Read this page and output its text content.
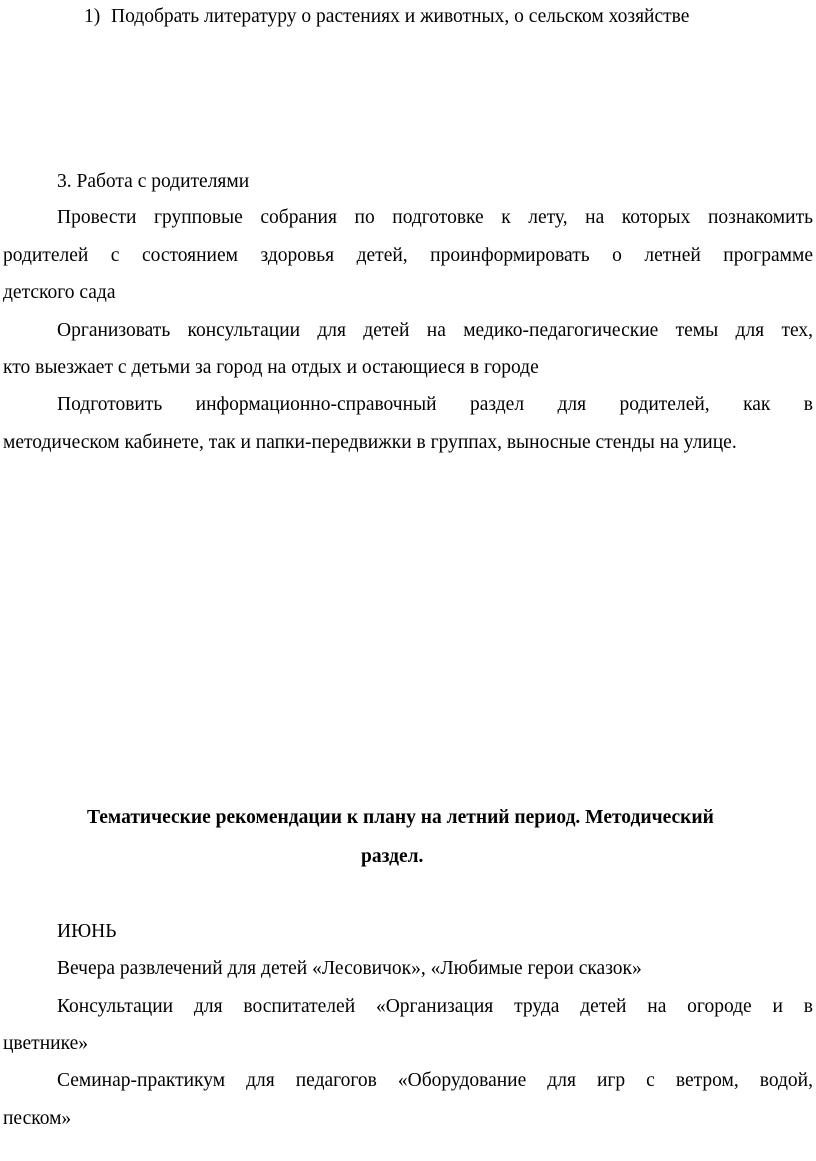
1) Подобрать литературу о растениях и животных, о сельском хозяйстве
3. Работа с родителями
Провести групповые собрания по подготовке к лету, на которых познакомить
родителей с состоянием здоровья детей, проинформировать о летней программе
детского сада
Организовать консультации для детей на медико-педагогические темы для тех,
кто выезжает с детьми за город на отдых и остающиеся в городе
Подготовить информационно-справочный раздел для родителей, как в
методическом кабинете, так и папки-передвижки в группах, выносные стенды на улице.
Тематические рекомендации к плану на летний период. Методический
раздел.
ИЮНЬ
Вечера развлечений для детей «Лесовичок», «Любимые герои сказок»
Консультации для воспитателей «Организация труда детей на огороде и в
цветнике»
Семинар-практикум для педагогов «Оборудование для игр с ветром, водой,
песком»
